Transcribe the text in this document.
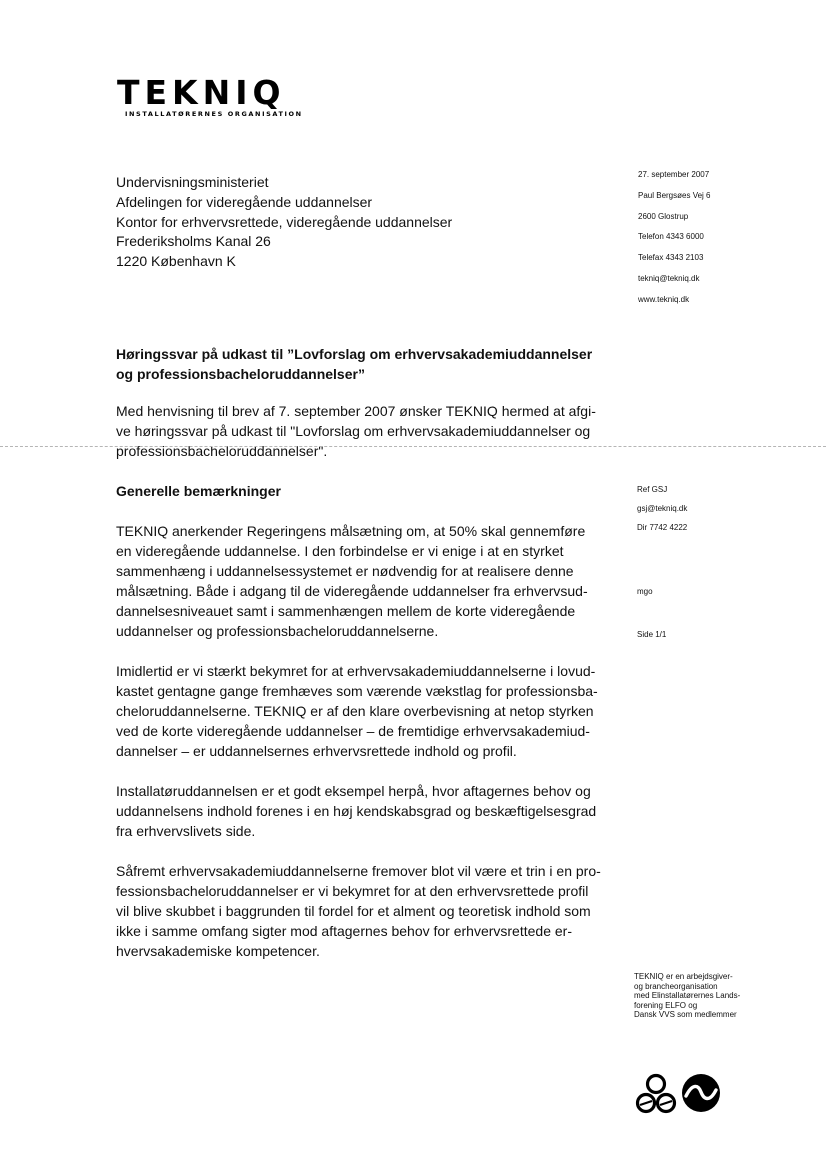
TEKNIQ
INSTALLATØRERNES ORGANISATION
Undervisningsministeriet
Afdelingen for videregående uddannelser
Kontor for erhvervsrettede, videregående uddannelser
Frederiksholms Kanal 26
1220 København K
27. september 2007
Paul Bergsøes Vej 6
2600 Glostrup
Telefon 4343 6000
Telefax 4343 2103
tekniq@tekniq.dk
www.tekniq.dk
Høringssvar på udkast til ”Lovforslag om erhvervsakademiuddannelser
og professionsbacheloruddannelser”
Med henvisning til brev af 7. september 2007 ønsker TEKNIQ hermed at afgi-
ve høringssvar på udkast til "Lovforslag om erhvervsakademiuddannelser og
professionsbacheloruddannelser".
Generelle bemærkninger
TEKNIQ anerkender Regeringens målsætning om, at 50% skal gennemføre
en videregående uddannelse. I den forbindelse er vi enige i at en styrket
sammenhæng i uddannelsessystemet er nødvendig for at realisere denne
målsætning. Både i adgang til de videregående uddannelser fra erhvervsud-
dannelsesniveauet samt i sammenhængen mellem de korte videregående
uddannelser og professionsbacheloruddannelserne.
Imidlertid er vi stærkt bekymret for at erhvervsakademiuddannelserne i lovud-
kastet gentagne gange fremhæves som værende vækstlag for professionsba-
cheloruddannelserne. TEKNIQ er af den klare overbevisning at netop styrken
ved de korte videregående uddannelser – de fremtidige erhvervsakademiud-
dannelser – er uddannelsernes erhvervsrettede indhold og profil.
Installatøruddannelsen er et godt eksempel herpå, hvor aftagernes behov og
uddannelsens indhold forenes i en høj kendskabsgrad og beskæftigelsesgrad
fra erhvervslivets side.
Såfremt erhvervsakademiuddannelserne fremover blot vil være et trin i en pro-
fessionsbacheloruddannelser er vi bekymret for at den erhvervsrettede profil
vil blive skubbet i baggrunden til fordel for et alment og teoretisk indhold som
ikke i samme omfang sigter mod aftagernes behov for erhvervsrettede er-
hvervsakademiske kompetencer.
Ref GSJ
gsj@tekniq.dk
Dir 7742 4222
mgo
Side 1/1
TEKNIQ er en arbejdsgiver-
og brancheorganisation
med Elinstallatørernes Lands-
forening ELFO og
Dansk VVS som medlemmer
